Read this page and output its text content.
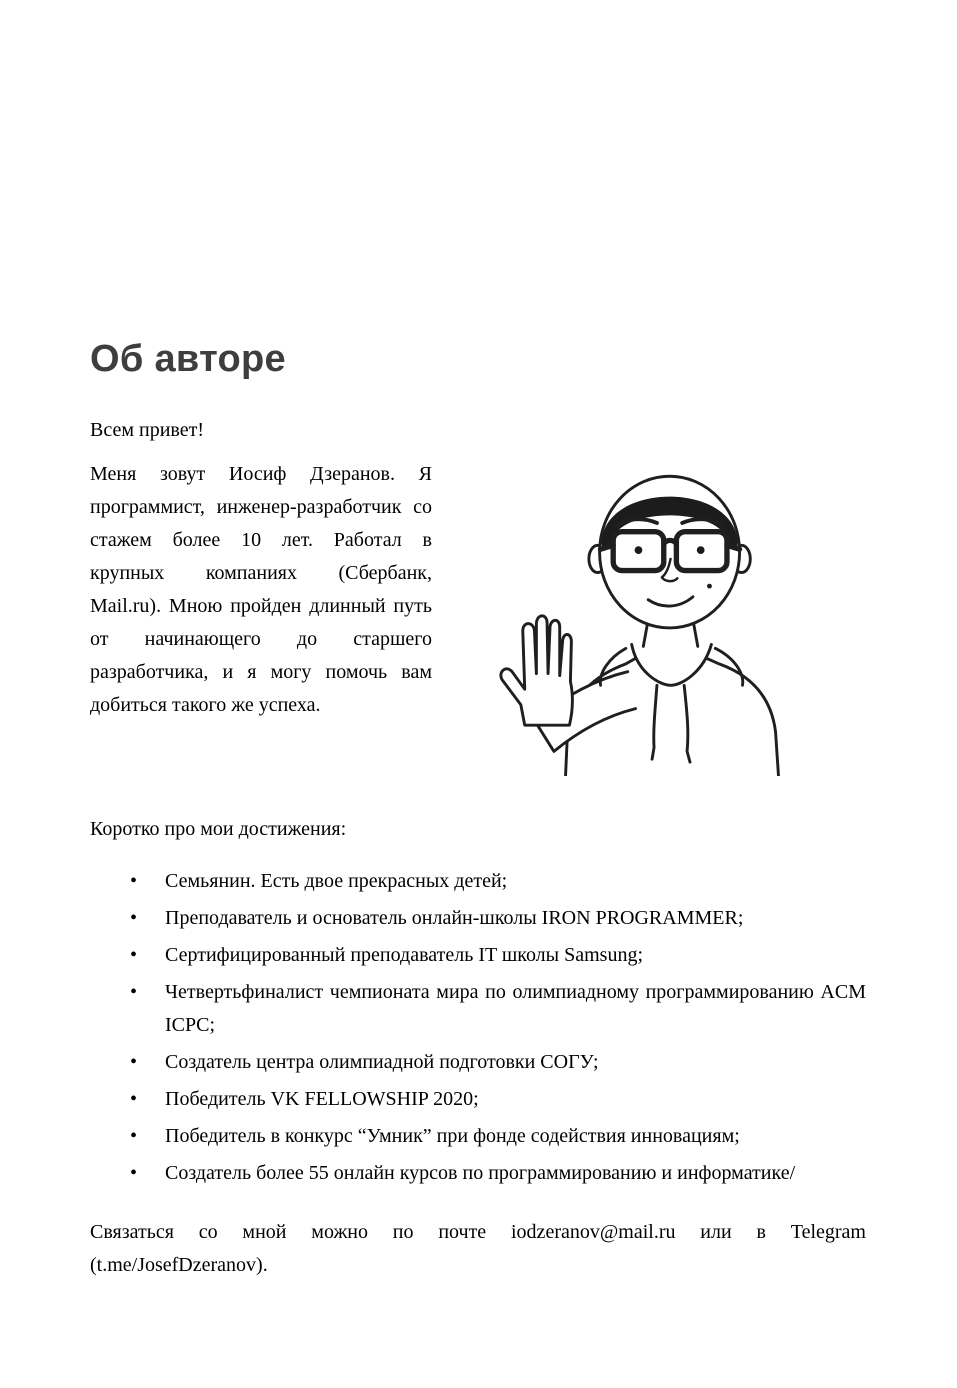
Об авторе

Всем привет!

Меня зовут Иосиф Дзеранов. Я программист, инженер-разработчик со стажем более 10 лет. Работал в крупных компаниях (Сбербанк, Mail.ru). Мною пройден длинный путь от начинающего до старшего разработчика, и я могу помочь вам добиться такого же успеха.

Коротко про мои достижения:

• Семьянин. Есть двое прекрасных детей;
• Преподаватель и основатель онлайн-школы IRON PROGRAMMER;
• Сертифицированный преподаватель IT школы Samsung;
• Четвертьфиналист чемпионата мира по олимпиадному программированию ACM ICPC;
• Создатель центра олимпиадной подготовки СОГУ;
• Победитель VK FELLOWSHIP 2020;
• Победитель в конкурс “Умник” при фонде содействия инновациям;
• Создатель более 55 онлайн курсов по программированию и информатике/

Связаться со мной можно по почте iodzeranov@mail.ru или в Telegram (t.me/JosefDzeranov).
